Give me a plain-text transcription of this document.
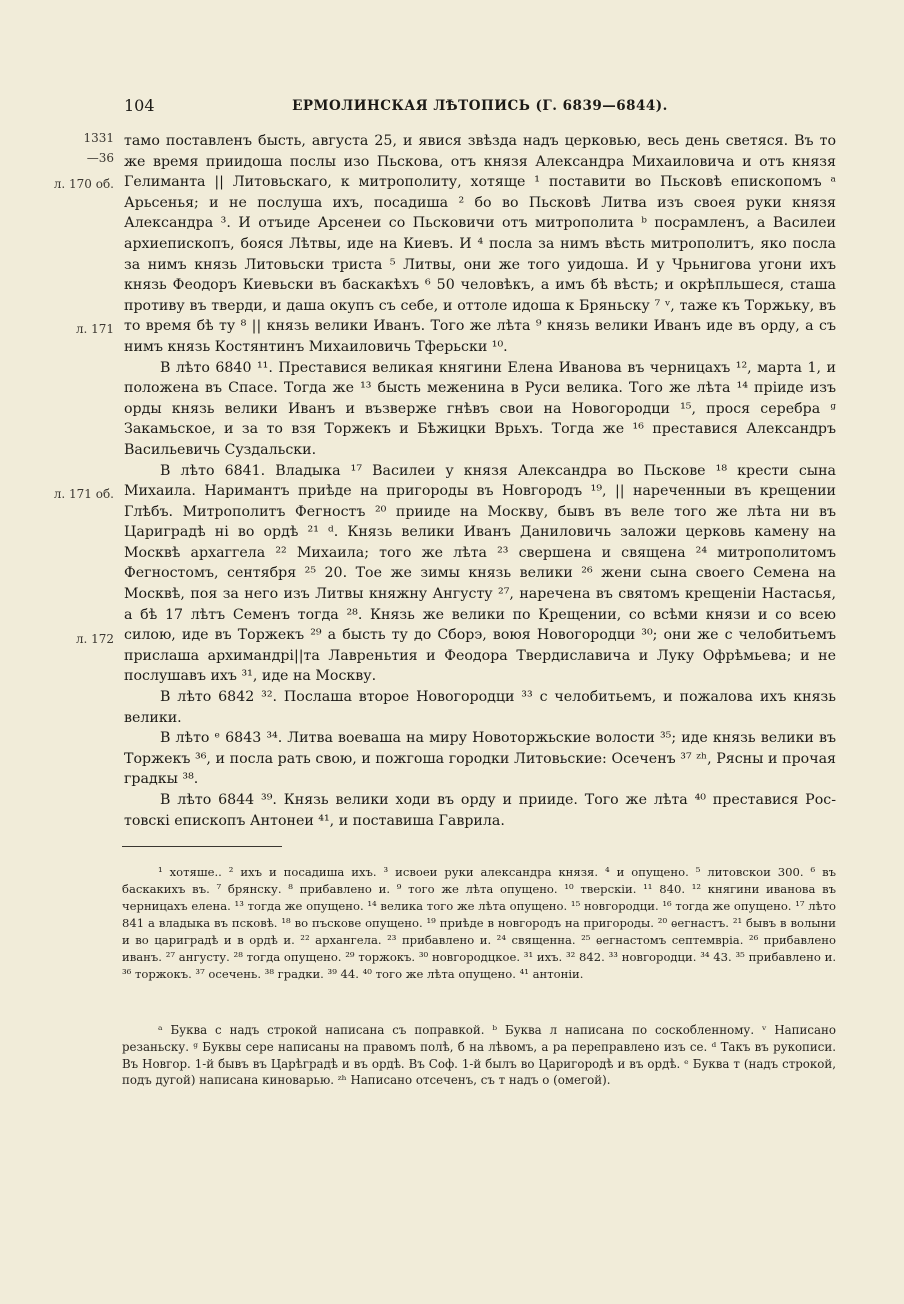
104	ЕРМОЛИНСКАЯ ЛѢТОПИСЬ (Г. 6839—6844).
1331
—36
л. 170 об.
л. 171
л. 171 об.
л. 172

тамо поставленъ бысть, августа 25, и явися звѣзда надъ церковью, весь день светяся. Въ то же время приидоша послы изо Пьскова, отъ князя Александра Михаиловича и отъ князя Гелиманта || Литовьскаго, к митрополиту, хотяще ¹ поставити во Пьсковѣ епископомъ ᵃ Арьсенья; и не послуша ихъ, посадиша ² бо во Пьсковѣ Литва изъ своея руки князя Александра ³. И отъиде Арсенеи со Пьсковичи отъ митрополита ᵇ посрамленъ, а Василеи архиепископъ, бояся Лѣтвы, иде на Киевъ. И ⁴ посла за нимъ вѣсть митрополитъ, яко посла за нимъ князь Литовьски триста ⁵ Литвы, они же того уидоша. И у Чрьнигова угони ихъ князь Феодоръ Киевьски въ баскакѣхъ ⁶ 50 человѣкъ, а имъ бѣ вѣсть; и окрѣпльшеся, сташа противу въ тверди, и даша окупъ съ себе, и оттоле идоша к Бряньску ⁷ ᵛ, таже къ Торжьку, въ то время бѣ ту ⁸ || князь велики Иванъ. Того же лѣта ⁹ князь велики Иванъ иде въ орду, а съ нимъ князь Костянтинъ Михаиловичь Тферьски ¹⁰.

В лѣто 6840 ¹¹. Преставися великая княгини Елена Иванова въ черницахъ ¹², марта 1, и положена въ Спасе. Тогда же ¹³ бысть меженина в Руси велика. Того же лѣта ¹⁴ прiиде изъ орды князь велики Иванъ и възверже гнѣвъ свои на Новогородци ¹⁵, прося серебра ᵍ Закамьское, и за то взя Торжекъ и Бѣжицки Врьхъ. Тогда же ¹⁶ преставися Александръ Васильевичь Суздальски.

В лѣто 6841. Владыка ¹⁷ Василеи у князя Александра во Пьскове ¹⁸ крести сына Михаила. Наримантъ приѣде на пригороды въ Новгородъ ¹⁹, || нареченныи въ крещении Глѣбъ. Митрополитъ Фегностъ ²⁰ прииде на Москву, бывъ въ веле того же лѣта ни въ Цариградѣ нi во ордѣ ²¹ ᵈ. Князь велики Иванъ Даниловичь заложи церковь камену на Москвѣ архаггела ²² Михаила; того же лѣта ²³ свершена и священа ²⁴ митрополитомъ Фегностомъ, сентября ²⁵ 20. Тое же зимы князь велики ²⁶ жени сына своего Семена на Москвѣ, поя за него изъ Литвы княжну Ангусту ²⁷, наречена въ святомъ крещенiи Настасья, а бѣ 17 лѣтъ Семенъ тогда ²⁸. Князь же велики по Крещении, со всѣми князи и со всею силою, иде въ Торжекъ ²⁹ а бысть ту до Сборэ, воюя Новогородци ³⁰; они же с челобитьемъ прислаша архимандрi||та Лавреньтия и Феодора Твердиславича и Луку Офрѣмьева; и не послушавъ ихъ ³¹, иде на Москву.

В лѣто 6842 ³². Послаша второе Новогородци ³³ с челобитьемъ, и пожалова ихъ князь велики.

В лѣто ᵉ 6843 ³⁴. Литва воеваша на миру Новоторжьские волости ³⁵; иде князь велики въ Торжекъ ³⁶, и посла рать свою, и пожгоша городки Литовьские: Осеченъ ³⁷ ᶻʰ, Рясны и прочая градкы ³⁸.

В лѣто 6844 ³⁹. Князь велики ходи въ орду и прииде. Того же лѣта ⁴⁰ преставися Ростовскi епископъ Антонеи ⁴¹, и поставиша Гаврила.

¹ хотяше.. ² ихъ и посадиша ихъ. ³ исвоеи руки александра князя. ⁴ и опущено. ⁵ литовскои 300. ⁶ въ баскакихъ въ. ⁷ брянску. ⁸ прибавлено и. ⁹ того же лѣта опущено. ¹⁰ тверскiи. ¹¹ 840. ¹² княгини иванова въ черницахъ елена. ¹³ тогда же опущено. ¹⁴ велика того же лѣта опущено. ¹⁵ новгородци. ¹⁶ тогда же опущено. ¹⁷ лѣто 841 а владыка въ псковѣ. ¹⁸ во пъскове опущено. ¹⁹ приѣде в новгородъ на пригороды. ²⁰ ѳегнастъ. ²¹ бывъ в волыни и во цариградѣ и в ордѣ и. ²² архангела. ²³ прибавлено и. ²⁴ священна. ²⁵ ѳегнастомъ септемврiа. ²⁶ прибавлено иванъ. ²⁷ ангусту. ²⁸ тогда опущено. ²⁹ торжокъ. ³⁰ новгородцкое. ³¹ ихъ. ³² 842. ³³ новгородци. ³⁴ 43. ³⁵ прибавлено и. ³⁶ торжокъ. ³⁷ осечень. ³⁸ градки. ³⁹ 44. ⁴⁰ того же лѣта опущено. ⁴¹ антонiи.

ᵃ Буква с надъ строкой написана съ поправкой. ᵇ Буква л написана по соскобленному. ᵛ Написано резаньску. ᵍ Буквы сере написаны на правомъ полѣ, б на лѣвомъ, а ра переправлено изъ се. ᵈ Такъ въ рукописи. Въ Новгор. 1-й бывъ въ Царѣградѣ и въ ордѣ. Въ Соф. 1-й былъ во Царигородѣ и въ ордѣ. ᵉ Буква т (надъ строкой, подъ дугой) написана киноварью. ᶻʰ Написано отсеченъ, съ т надъ о (омегой).
